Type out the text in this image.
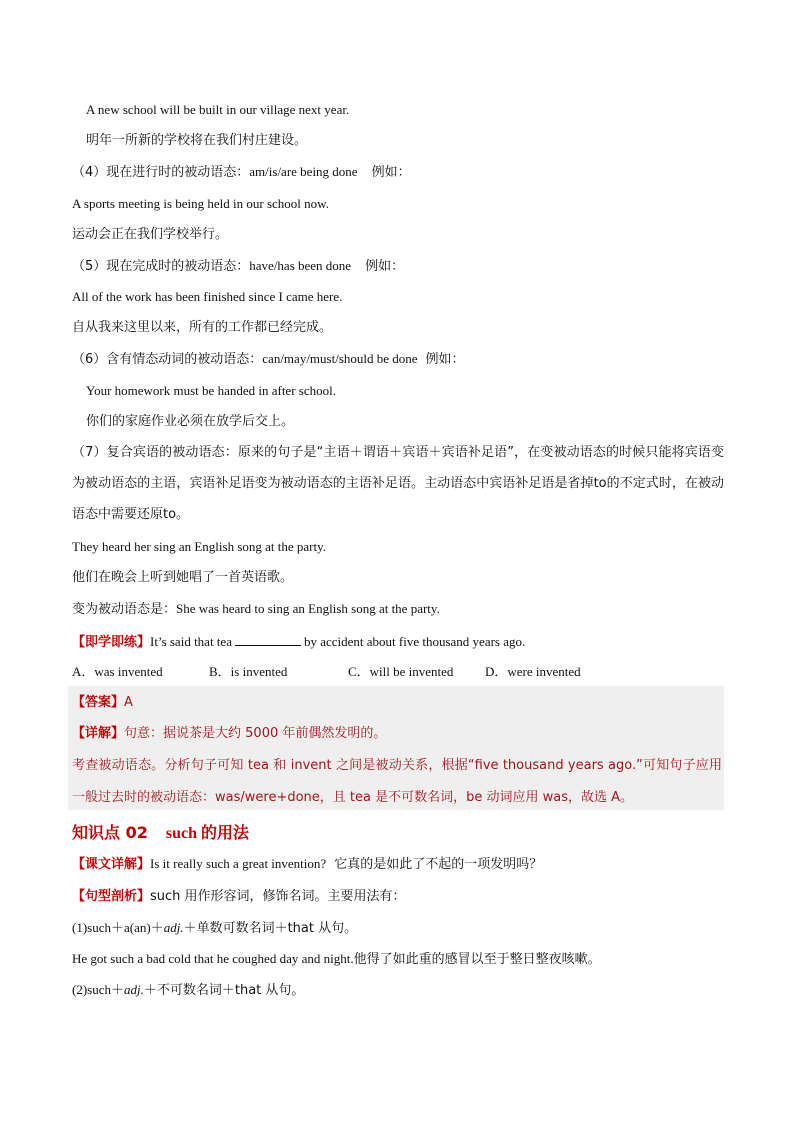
A new school will be built in our village next year.
明年一所新的学校将在我们村庄建设。
（4）现在进行时的被动语态：am/is/are being done 例如：
A sports meeting is being held in our school now.
运动会正在我们学校举行。
（5）现在完成时的被动语态：have/has been done 例如：
All of the work has been finished since I came here.
自从我来这里以来，所有的工作都已经完成。
（6）含有情态动词的被动语态：can/may/must/should be done 例如：
Your homework must be handed in after school.
你们的家庭作业必须在放学后交上。
（7）复合宾语的被动语态：原来的句子是“主语＋谓语＋宾语＋宾语补足语”，在变被动语态的时候只能将宾语变为被动语态的主语，宾语补足语变为被动语态的主语补足语。主动语态中宾语补足语是省掉to的不定式时，在被动语态中需要还原to。
They heard her sing an English song at the party.
他们在晚会上听到她唱了一首英语歌。
变为被动语态是：She was heard to sing an English song at the party.
【即学即练】It’s said that tea	by accident about five thousand years ago.
A．was invented	B．is invented	C．will be invented D．were invented
【答案】A
【详解】句意：据说茶是大约 5000 年前偶然发明的。
考查被动语态。分析句子可知 tea 和 invent 之间是被动关系，根据“five thousand years ago.”可知句子应用一般过去时的被动语态：was/were+done，且 tea 是不可数名词，be 动词应用 was，故选 A。
知识点 02 such 的用法
【课文详解】Is it really such a great invention? 它真的是如此了不起的一项发明吗？
【句型剖析】such 用作形容词，修饰名词。主要用法有：
(1)such＋a(an)＋adj.＋单数可数名词＋that 从句。
He got such a bad cold that he coughed day and night.他得了如此重的感冒以至于整日整夜咳嗽。
(2)such＋adj.＋不可数名词＋that 从句。
